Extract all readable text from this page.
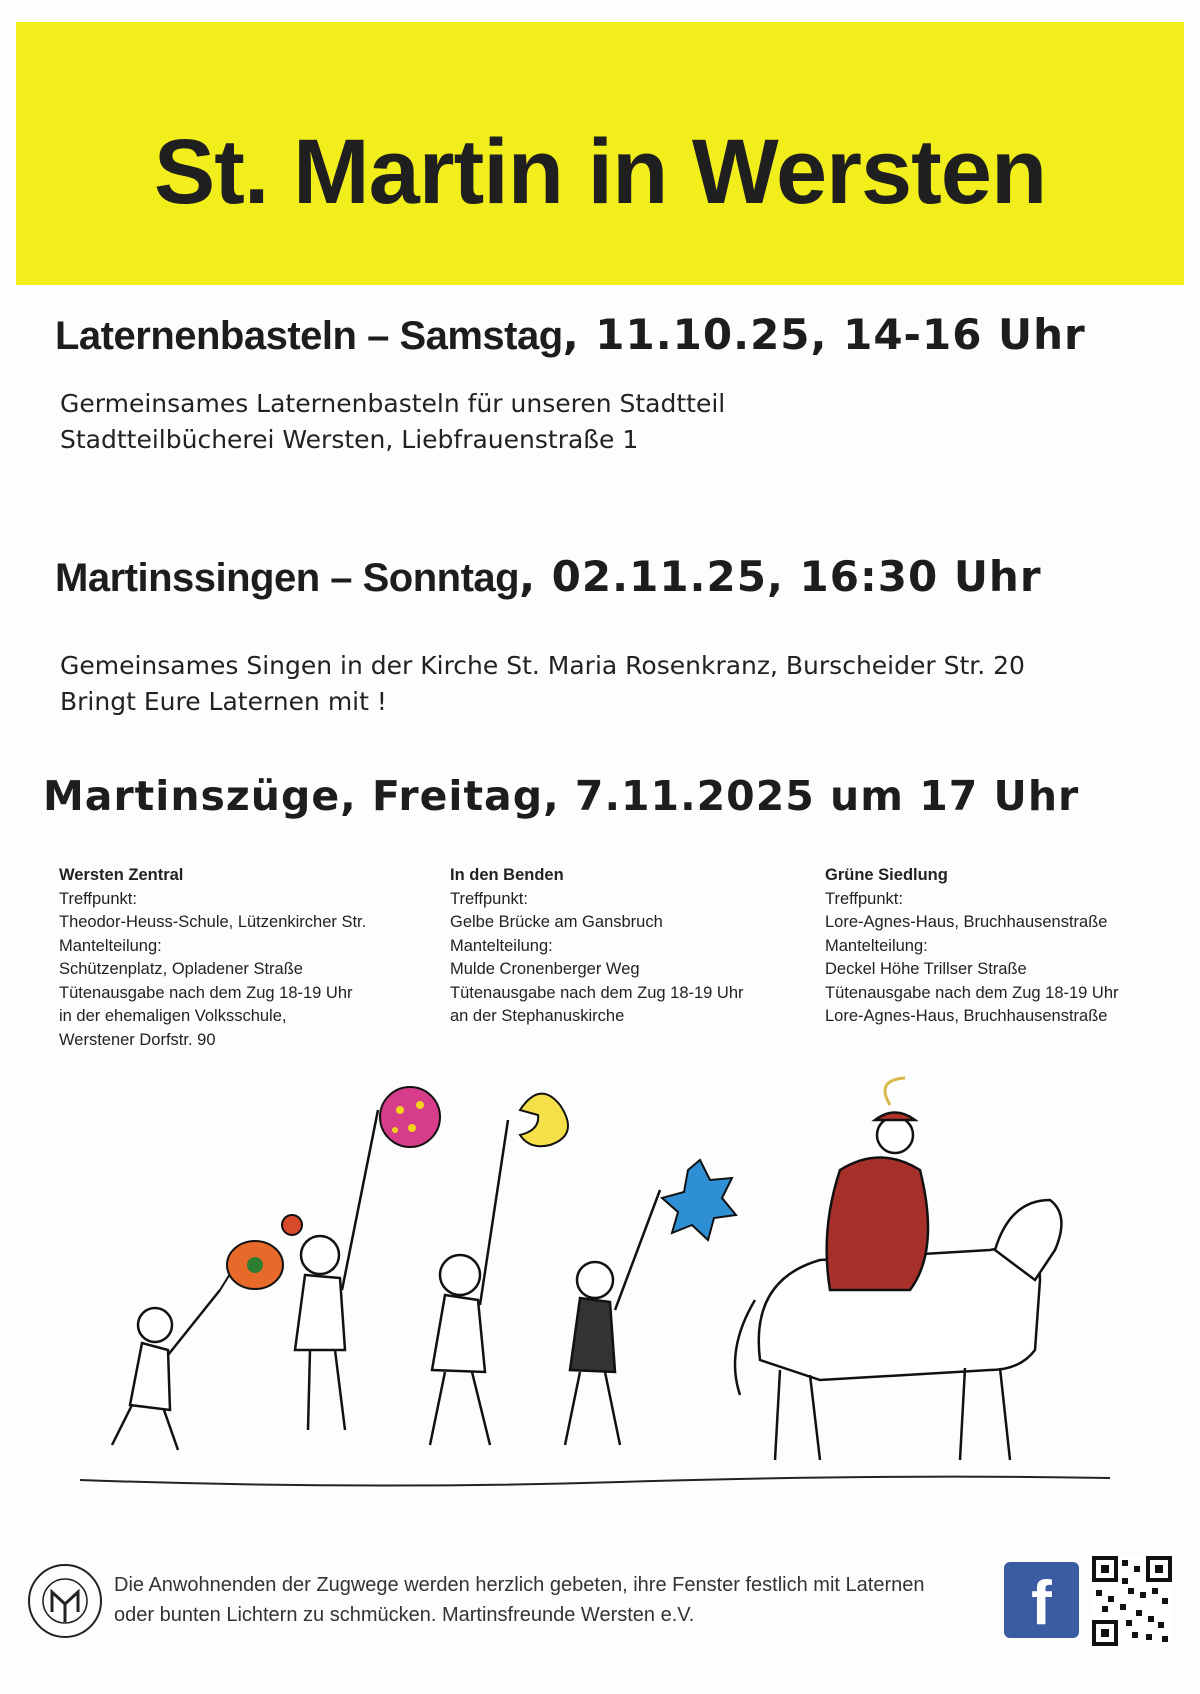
St. Martin in Wersten
Laternenbasteln – Samstag, 11.10.25, 14-16 Uhr
Germeinsames Laternenbasteln für unseren Stadtteil
Stadtteilbücherei Wersten, Liebfrauenstraße 1
Martinssingen – Sonntag, 02.11.25, 16:30 Uhr
Gemeinsames Singen in der Kirche St. Maria Rosenkranz, Burscheider Str. 20
Bringt Eure Laternen mit !
Martinszüge, Freitag, 7.11.2025 um 17 Uhr
Wersten Zentral
Treffpunkt:
Theodor-Heuss-Schule, Lützenkircher Str.
Mantelteilung:
Schützenplatz, Opladener Straße
Tütenausgabe nach dem Zug 18-19 Uhr
in der ehemaligen Volksschule,
Werstener Dorfstr. 90
In den Benden
Treffpunkt:
Gelbe Brücke am Gansbruch
Mantelteilung:
Mulde Cronenberger Weg
Tütenausgabe nach dem Zug 18-19 Uhr
an der Stephanuskirche
Grüne Siedlung
Treffpunkt:
Lore-Agnes-Haus, Bruchhausenstraße
Mantelteilung:
Deckel Höhe Trillser Straße
Tütenausgabe nach dem Zug 18-19 Uhr
Lore-Agnes-Haus, Bruchhausenstraße
Die Anwohnenden der Zugwege werden herzlich gebeten, ihre Fenster festlich mit Laternen
oder bunten Lichtern zu schmücken. Martinsfreunde Wersten e.V.	f
